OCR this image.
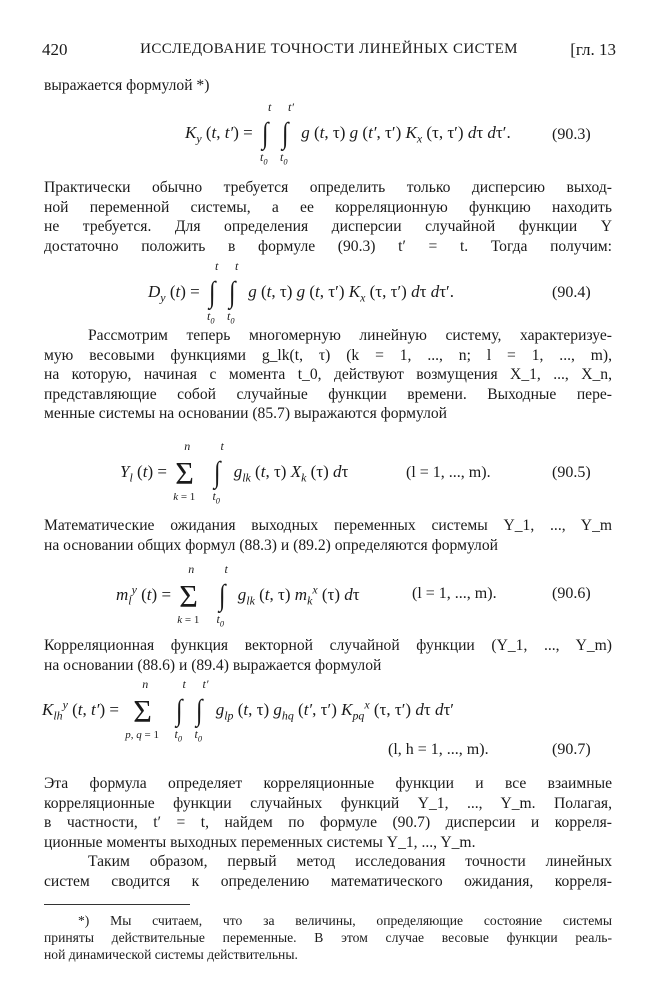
420	ИССЛЕДОВАНИЕ ТОЧНОСТИ ЛИНЕЙНЫХ СИСТЕМ	[гл. 13
выражается формулой *)
$K_y$ (t, t′) = ∫
t
$t_0$
∫
t′
$t_0$
g (t, τ) g (t′, τ′) $K_x$ (τ, τ′) dτ dτ′.	(90.3)
Практически обычно требуется определить только дисперсию выход-
ной переменной системы, а ее корреляционную функцию находить
не требуется. Для определения дисперсии случайной функции Y
достаточно положить в формуле (90.3) t′ = t. Тогда получим:
$D_y$ (t) = ∫
t
$t_0$
∫
t
$t_0$
g (t, τ) g (t, τ′) $K_x$ (τ, τ′) dτ dτ′.	(90.4)
Рассмотрим теперь многомерную линейную систему, характеризуе-
мую весовыми функциями g_lk(t, τ) (k = 1, ..., n; l = 1, ..., m),
на которую, начиная с момента t_0, действуют возмущения X_1, ..., X_n,
представляющие собой случайные функции времени. Выходные пере-
менные системы на основании (85.7) выражаются формулой
$Y_l$ (t) = Σ
n
k = 1

∫
t
$t_0$
$g_{lk}$ (t, τ) $X_k$ (τ) dτ	(l = 1, ..., m).	(90.5)
Математические ожидания выходных переменных системы Y_1, ..., Y_m
на основании общих формул (88.3) и (89.2) определяются формулой
$m_l^y$ (t) = Σ
n
k = 1

∫
t
$t_0$
$g_{lk}$ (t, τ) $m_k^x$ (τ) dτ	(l = 1, ..., m).	(90.6)
Корреляционная функция векторной случайной функции (Y_1, ..., Y_m)
на основании (88.6) и (89.4) выражается формулой
$K_{lh}^y$ (t, t′) = Σ
n
p, q = 1

∫
t
$t_0$
∫
t′
$t_0$
$g_{lp}$ (t, τ) $g_{hq}$ (t′, τ′) $K_{pq}^x$ (τ, τ′) dτ dτ′
(l, h = 1, ..., m).	(90.7)
Эта формула определяет корреляционные функции и все взаимные
корреляционные функции случайных функций Y_1, ..., Y_m. Полагая,
в частности, t′ = t, найдем по формуле (90.7) дисперсии и корреля-
ционные моменты выходных переменных системы Y_1, ..., Y_m.
Таким образом, первый метод исследования точности линейных
систем сводится к определению математического ожидания, корреля-
*) Мы считаем, что за величины, определяющие состояние системы
приняты действительные переменные. В этом случае весовые функции реаль-
ной динамической системы действительны.
